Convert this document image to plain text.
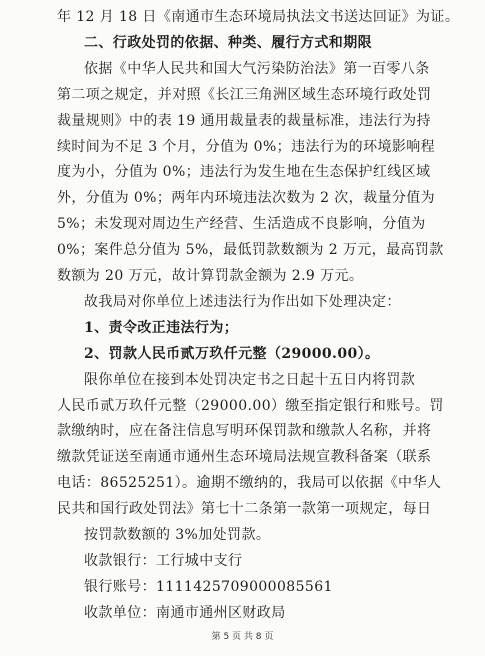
年 12 月 18 日《南通市生态环境局执法文书送达回证》为证。
二、行政处罚的依据、种类、履行方式和期限
依据《中华人民共和国大气污染防治法》第一百零八条
第二项之规定，并对照《长江三角洲区域生态环境行政处罚
裁量规则》中的表 19 通用裁量表的裁量标准，违法行为持
续时间为不足 3 个月，分值为 0%；违法行为的环境影响程
度为小，分值为 0%；违法行为发生地在生态保护红线区域
外，分值为 0%；两年内环境违法次数为 2 次，裁量分值为
5%；未发现对周边生产经营、生活造成不良影响，分值为
0%；案件总分值为 5%，最低罚款数额为 2 万元，最高罚款
数额为 20 万元，故计算罚款金额为 2.9 万元。
故我局对你单位上述违法行为作出如下处理决定：
1、责令改正违法行为；
2、罚款人民币贰万玖仟元整（29000.00）。
限你单位在接到本处罚决定书之日起十五日内将罚款
人民币贰万玖仟元整（29000.00）缴至指定银行和账号。罚
款缴纳时，应在备注信息写明环保罚款和缴款人名称，并将
缴款凭证送至南通市通州生态环境局法规宣教科备案（联系
电话：86525251）。逾期不缴纳的，我局可以依据《中华人
民共和国行政处罚法》第七十二条第一款第一项规定，每日
按罚款数额的 3%加处罚款。
收款银行：工行城中支行
银行账号：1111425709000085561
收款单位：南通市通州区财政局
第 5 页 共 8 页
